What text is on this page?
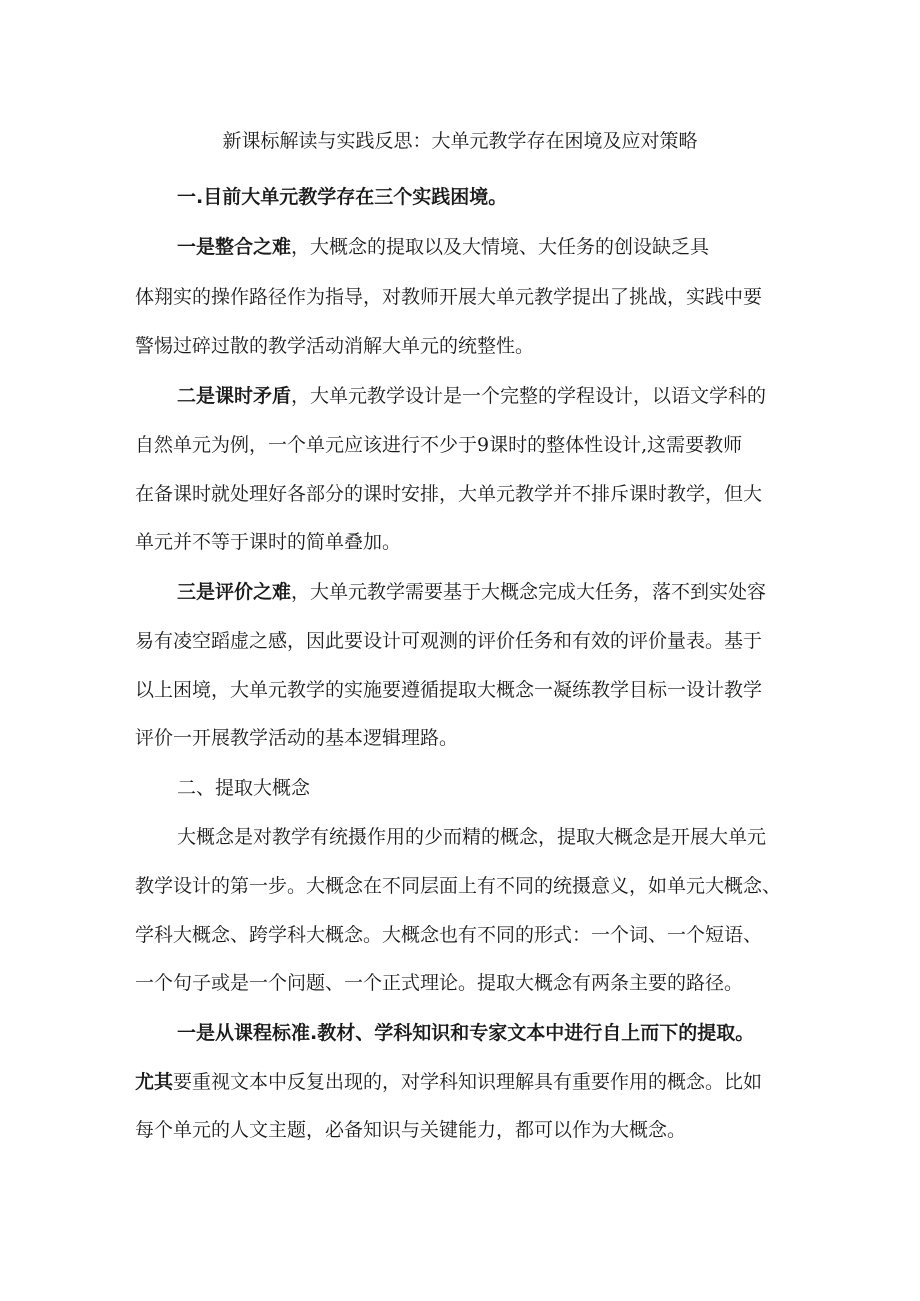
新课标解读与实践反思：大单元教学存在困境及应对策略
一.目前大单元教学存在三个实践困境。
一是整合之难，大概念的提取以及大情境、大任务的创设缺乏具
体翔实的操作路径作为指导，对教师开展大单元教学提出了挑战，实践中要
警惕过碎过散的教学活动消解大单元的统整性。
二是课时矛盾，大单元教学设计是一个完整的学程设计，以语文学科的
自然单元为例，一个单元应该进行不少于9课时的整体性设计,这需要教师
在备课时就处理好各部分的课时安排，大单元教学并不排斥课时教学，但大
单元并不等于课时的简单叠加。
三是评价之难，大单元教学需要基于大概念完成大任务，落不到实处容
易有凌空蹈虚之感，因此要设计可观测的评价任务和有效的评价量表。基于
以上困境，大单元教学的实施要遵循提取大概念一凝练教学目标一设计教学
评价一开展教学活动的基本逻辑理路。
二、提取大概念
大概念是对教学有统摄作用的少而精的概念，提取大概念是开展大单元
教学设计的第一步。大概念在不同层面上有不同的统摄意义，如单元大概念、
学科大概念、跨学科大概念。大概念也有不同的形式：一个词、一个短语、
一个句子或是一个问题、一个正式理论。提取大概念有两条主要的路径。
一是从课程标准.教材、学科知识和专家文本中进行自上而下的提取。
尤其要重视文本中反复出现的，对学科知识理解具有重要作用的概念。比如
每个单元的人文主题，必备知识与关键能力，都可以作为大概念。
